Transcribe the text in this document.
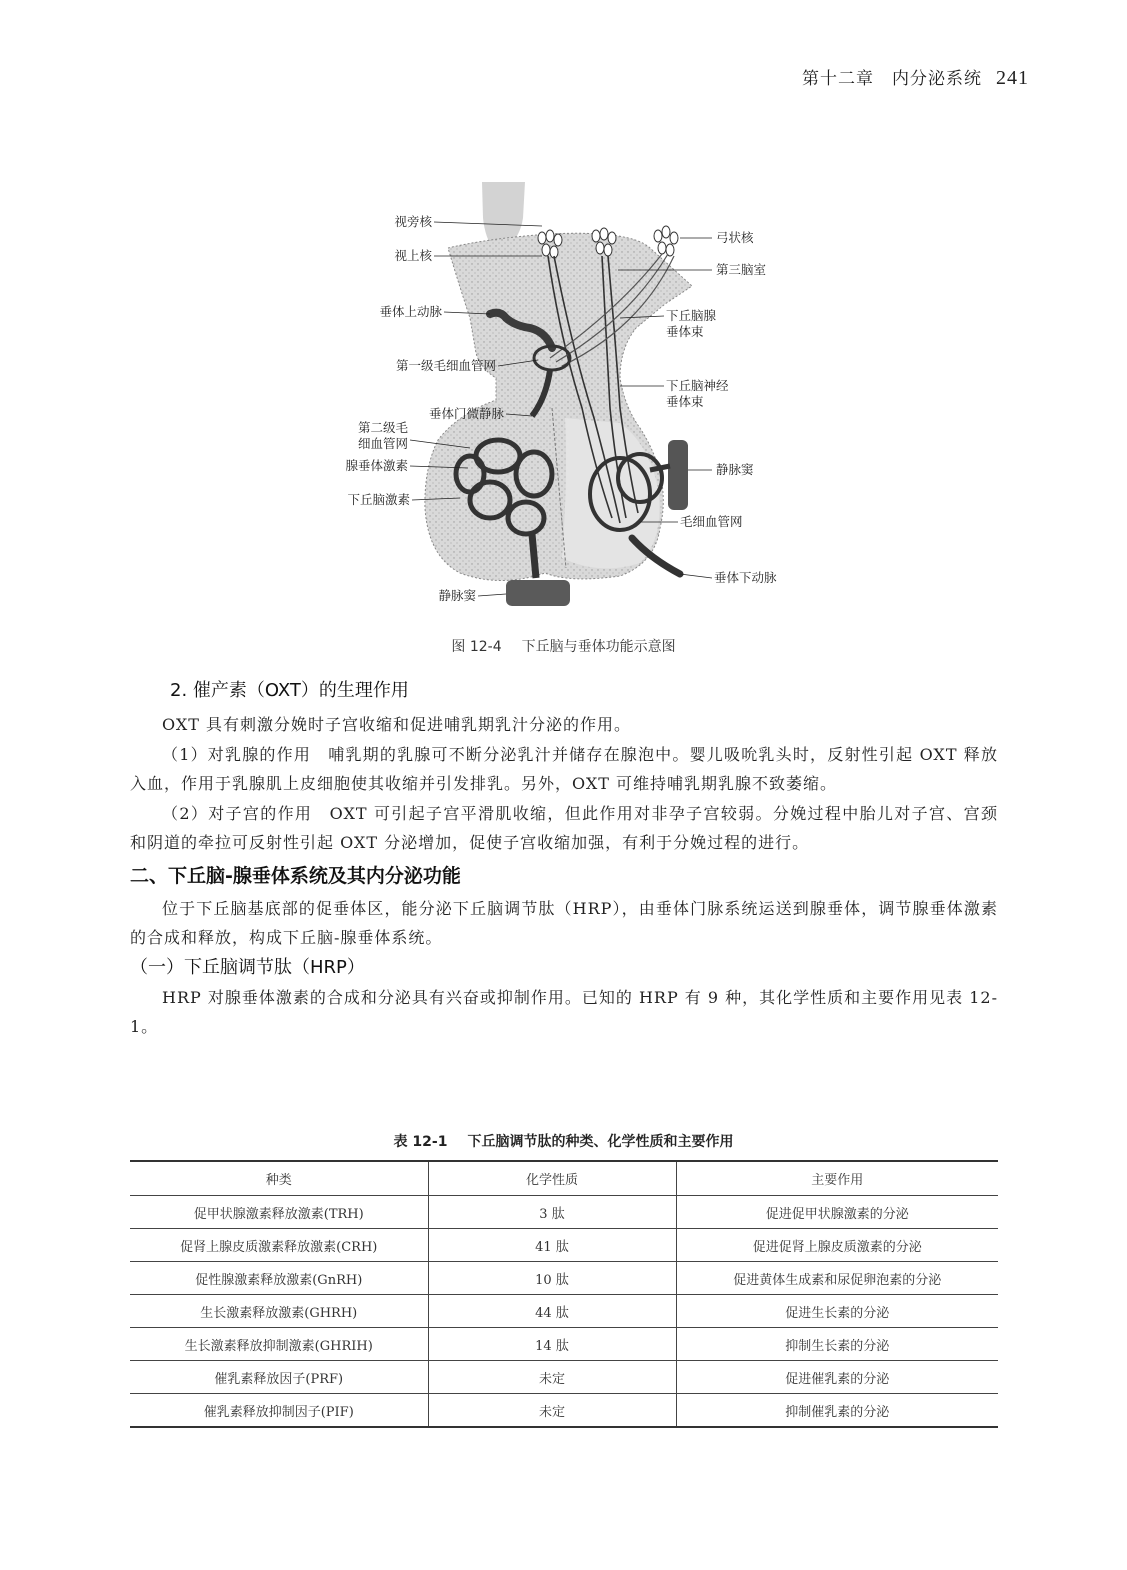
第十二章　内分泌系统 241
视旁核
视上核
垂体上动脉
第一级毛细血管网
垂体门微静脉
第二级毛
细血管网
腺垂体激素
下丘脑激素
静脉窦
弓状核
第三脑室
下丘脑腺
垂体束
下丘脑神经
垂体束
静脉窦
毛细血管网
垂体下动脉
图 12-4 下丘脑与垂体功能示意图
2. 催产素（OXT）的生理作用

OXT 具有刺激分娩时子宫收缩和促进哺乳期乳汁分泌的作用。

（1）对乳腺的作用　哺乳期的乳腺可不断分泌乳汁并储存在腺泡中。婴儿吸吮乳头时，反射性引起 OXT 释放入血，作用于乳腺肌上皮细胞使其收缩并引发排乳。另外，OXT 可维持哺乳期乳腺不致萎缩。

（2）对子宫的作用　OXT 可引起子宫平滑肌收缩，但此作用对非孕子宫较弱。分娩过程中胎儿对子宫、宫颈和阴道的牵拉可反射性引起 OXT 分泌增加，促使子宫收缩加强，有利于分娩过程的进行。

二、下丘脑-腺垂体系统及其内分泌功能

位于下丘脑基底部的促垂体区，能分泌下丘脑调节肽（HRP），由垂体门脉系统运送到腺垂体，调节腺垂体激素的合成和释放，构成下丘脑-腺垂体系统。

（一）下丘脑调节肽（HRP）

HRP 对腺垂体激素的合成和分泌具有兴奋或抑制作用。已知的 HRP 有 9 种，其化学性质和主要作用见表 12-1。

表 12-1 下丘脑调节肽的种类、化学性质和主要作用
种类	化学性质	主要作用
促甲状腺激素释放激素(TRH)	3 肽	促进促甲状腺激素的分泌
促肾上腺皮质激素释放激素(CRH)	41 肽	促进促肾上腺皮质激素的分泌
促性腺激素释放激素(GnRH)	10 肽	促进黄体生成素和尿促卵泡素的分泌
生长激素释放激素(GHRH)	44 肽	促进生长素的分泌
生长激素释放抑制激素(GHRIH)	14 肽	抑制生长素的分泌
催乳素释放因子(PRF)	未定	促进催乳素的分泌
催乳素释放抑制因子(PIF)	未定	抑制催乳素的分泌
